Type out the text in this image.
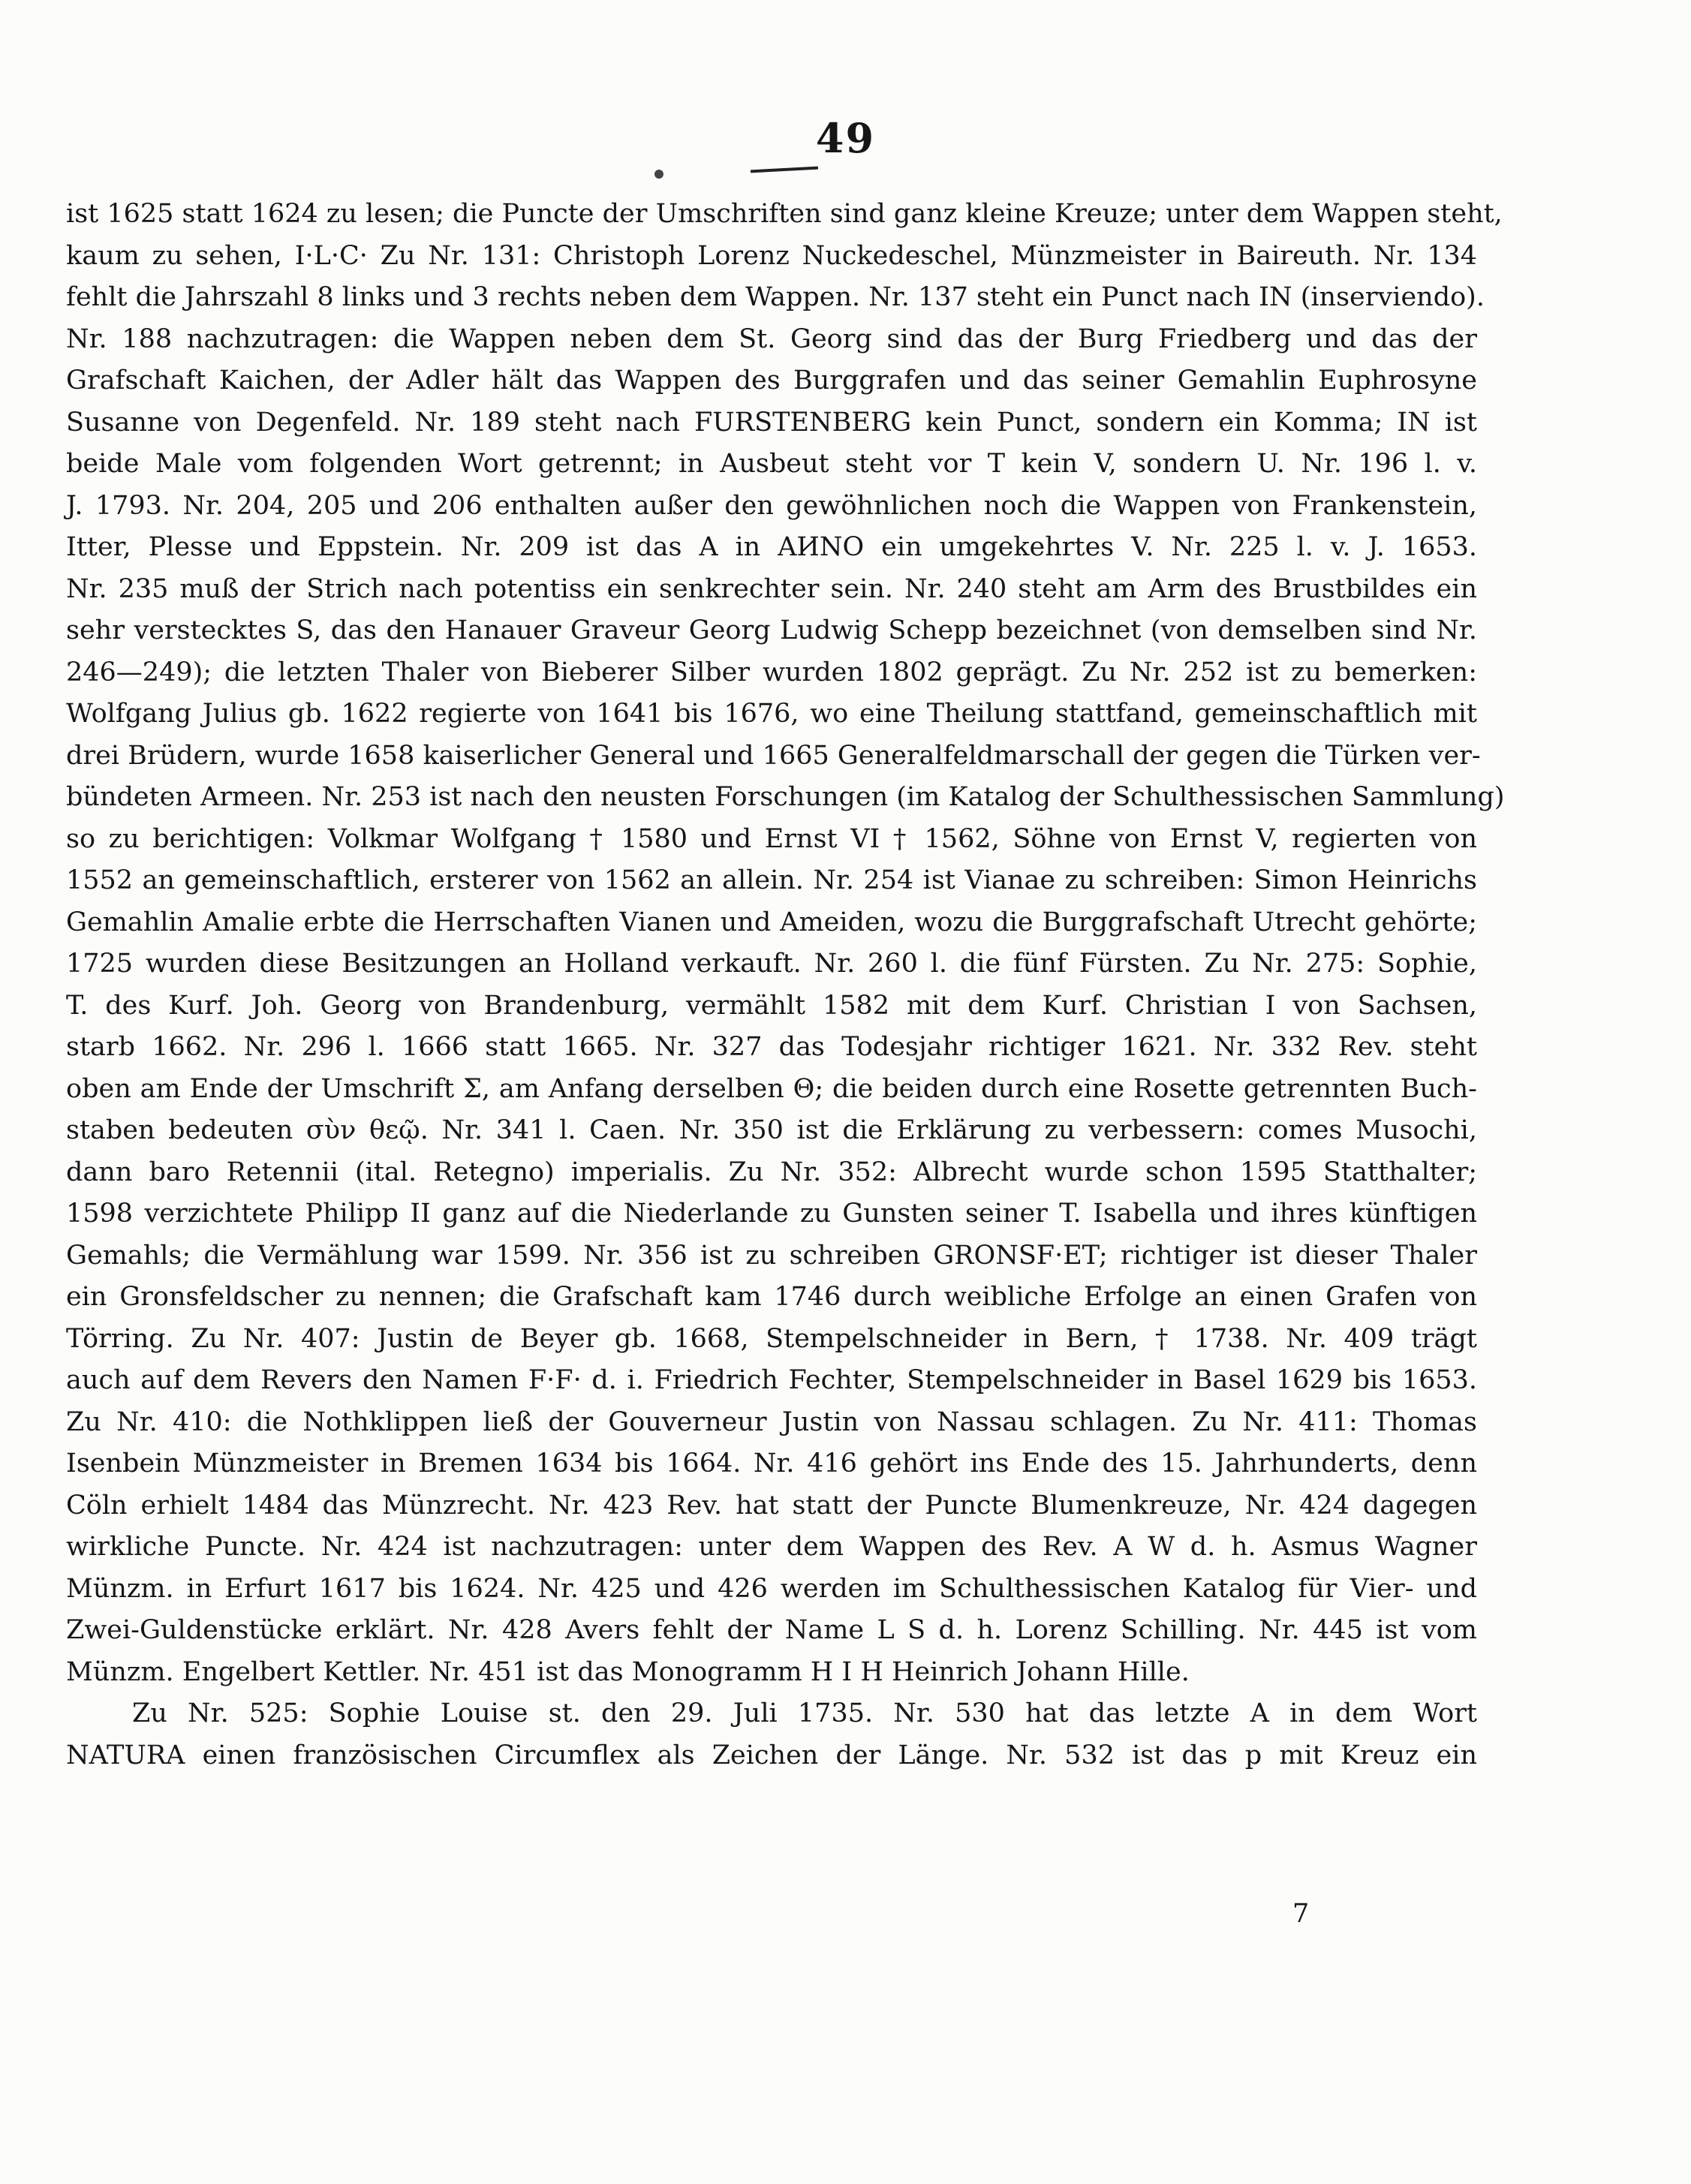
49
ist 1625 statt 1624 zu lesen; die Puncte der Umschriften sind ganz kleine Kreuze; unter dem Wappen steht,
kaum zu sehen, I·L·C· Zu Nr. 131: Christoph Lorenz Nuckedeschel, Münzmeister in Baireuth. Nr. 134
fehlt die Jahrszahl 8 links und 3 rechts neben dem Wappen. Nr. 137 steht ein Punct nach IN (inserviendo).
Nr. 188 nachzutragen: die Wappen neben dem St. Georg sind das der Burg Friedberg und das der
Grafschaft Kaichen, der Adler hält das Wappen des Burggrafen und das seiner Gemahlin Euphrosyne
Susanne von Degenfeld. Nr. 189 steht nach FURSTENBERG kein Punct, sondern ein Komma; IN ist
beide Male vom folgenden Wort getrennt; in Ausbeut steht vor T kein V, sondern U. Nr. 196 l. v.
J. 1793. Nr. 204, 205 und 206 enthalten außer den gewöhnlichen noch die Wappen von Frankenstein,
Itter, Plesse und Eppstein. Nr. 209 ist das A in AИNO ein umgekehrtes V. Nr. 225 l. v. J. 1653.
Nr. 235 muß der Strich nach potentiss ein senkrechter sein. Nr. 240 steht am Arm des Brustbildes ein
sehr verstecktes S, das den Hanauer Graveur Georg Ludwig Schepp bezeichnet (von demselben sind Nr.
246—249); die letzten Thaler von Bieberer Silber wurden 1802 geprägt. Zu Nr. 252 ist zu bemerken:
Wolfgang Julius gb. 1622 regierte von 1641 bis 1676, wo eine Theilung stattfand, gemeinschaftlich mit
drei Brüdern, wurde 1658 kaiserlicher General und 1665 Generalfeldmarschall der gegen die Türken ver-
bündeten Armeen. Nr. 253 ist nach den neusten Forschungen (im Katalog der Schulthessischen Sammlung)
so zu berichtigen: Volkmar Wolfgang † 1580 und Ernst VI † 1562, Söhne von Ernst V, regierten von
1552 an gemeinschaftlich, ersterer von 1562 an allein. Nr. 254 ist Vianae zu schreiben: Simon Heinrichs
Gemahlin Amalie erbte die Herrschaften Vianen und Ameiden, wozu die Burggrafschaft Utrecht gehörte;
1725 wurden diese Besitzungen an Holland verkauft. Nr. 260 l. die fünf Fürsten. Zu Nr. 275: Sophie,
T. des Kurf. Joh. Georg von Brandenburg, vermählt 1582 mit dem Kurf. Christian I von Sachsen,
starb 1662. Nr. 296 l. 1666 statt 1665. Nr. 327 das Todesjahr richtiger 1621. Nr. 332 Rev. steht
oben am Ende der Umschrift Σ, am Anfang derselben Θ; die beiden durch eine Rosette getrennten Buch-
staben bedeuten σὺν θεῷ. Nr. 341 l. Caen. Nr. 350 ist die Erklärung zu verbessern: comes Musochi,
dann baro Retennii (ital. Retegno) imperialis. Zu Nr. 352: Albrecht wurde schon 1595 Statthalter;
1598 verzichtete Philipp II ganz auf die Niederlande zu Gunsten seiner T. Isabella und ihres künftigen
Gemahls; die Vermählung war 1599. Nr. 356 ist zu schreiben GRONSF·ET; richtiger ist dieser Thaler
ein Gronsfeldscher zu nennen; die Grafschaft kam 1746 durch weibliche Erfolge an einen Grafen von
Törring. Zu Nr. 407: Justin de Beyer gb. 1668, Stempelschneider in Bern, † 1738. Nr. 409 trägt
auch auf dem Revers den Namen F·F· d. i. Friedrich Fechter, Stempelschneider in Basel 1629 bis 1653.
Zu Nr. 410: die Nothklippen ließ der Gouverneur Justin von Nassau schlagen. Zu Nr. 411: Thomas
Isenbein Münzmeister in Bremen 1634 bis 1664. Nr. 416 gehört ins Ende des 15. Jahrhunderts, denn
Cöln erhielt 1484 das Münzrecht. Nr. 423 Rev. hat statt der Puncte Blumenkreuze, Nr. 424 dagegen
wirkliche Puncte. Nr. 424 ist nachzutragen: unter dem Wappen des Rev. A W d. h. Asmus Wagner
Münzm. in Erfurt 1617 bis 1624. Nr. 425 und 426 werden im Schulthessischen Katalog für Vier- und
Zwei-Guldenstücke erklärt. Nr. 428 Avers fehlt der Name L S d. h. Lorenz Schilling. Nr. 445 ist vom
Münzm. Engelbert Kettler. Nr. 451 ist das Monogramm H I H Heinrich Johann Hille.
Zu Nr. 525: Sophie Louise st. den 29. Juli 1735. Nr. 530 hat das letzte A in dem Wort
NATURA einen französischen Circumflex als Zeichen der Länge. Nr. 532 ist das p mit Kreuz ein
7
